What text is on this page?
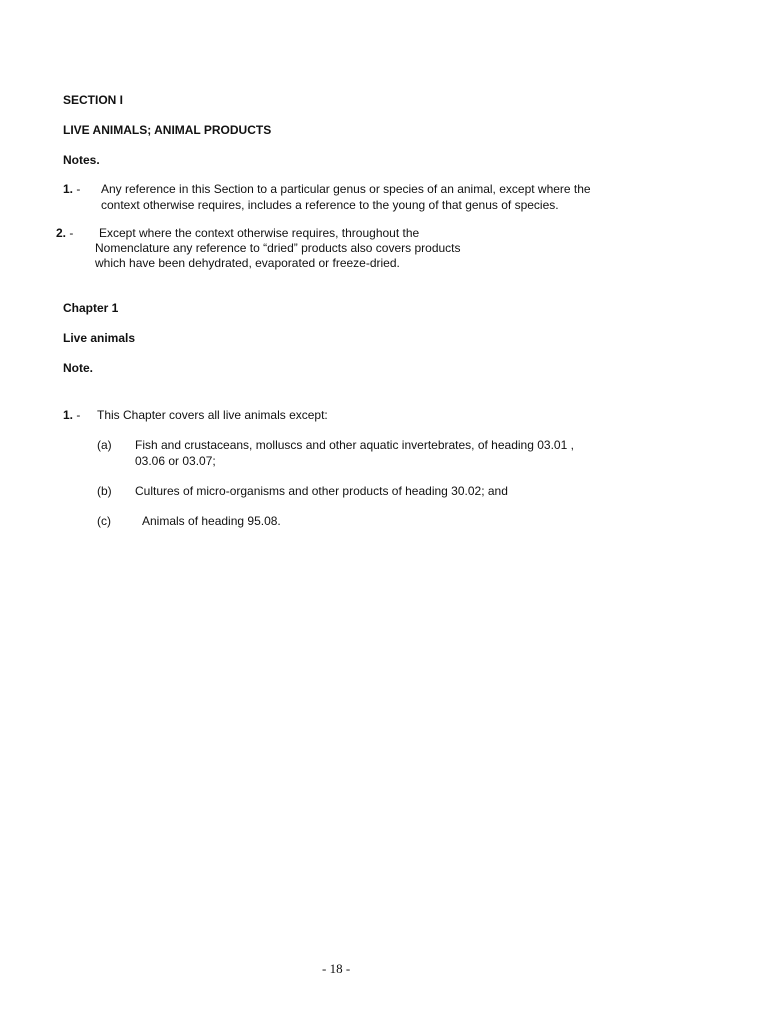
SECTION I
LIVE ANIMALS; ANIMAL PRODUCTS
Notes.
1. - Any reference in this Section to a particular genus or species of an animal, except where the
context otherwise requires, includes a reference to the young of that genus of species.
2. - Except where the context otherwise requires, throughout the
Nomenclature any reference to “dried” products also covers products
which have been dehydrated, evaporated or freeze-dried.
Chapter 1
Live animals
Note.
1. - This Chapter covers all live animals except:
(a) Fish and crustaceans, molluscs and other aquatic invertebrates, of heading 03.01 ,
03.06 or 03.07;
(b) Cultures of micro-organisms and other products of heading 30.02; and
(c)	Animals of heading 95.08.
- 18 -
